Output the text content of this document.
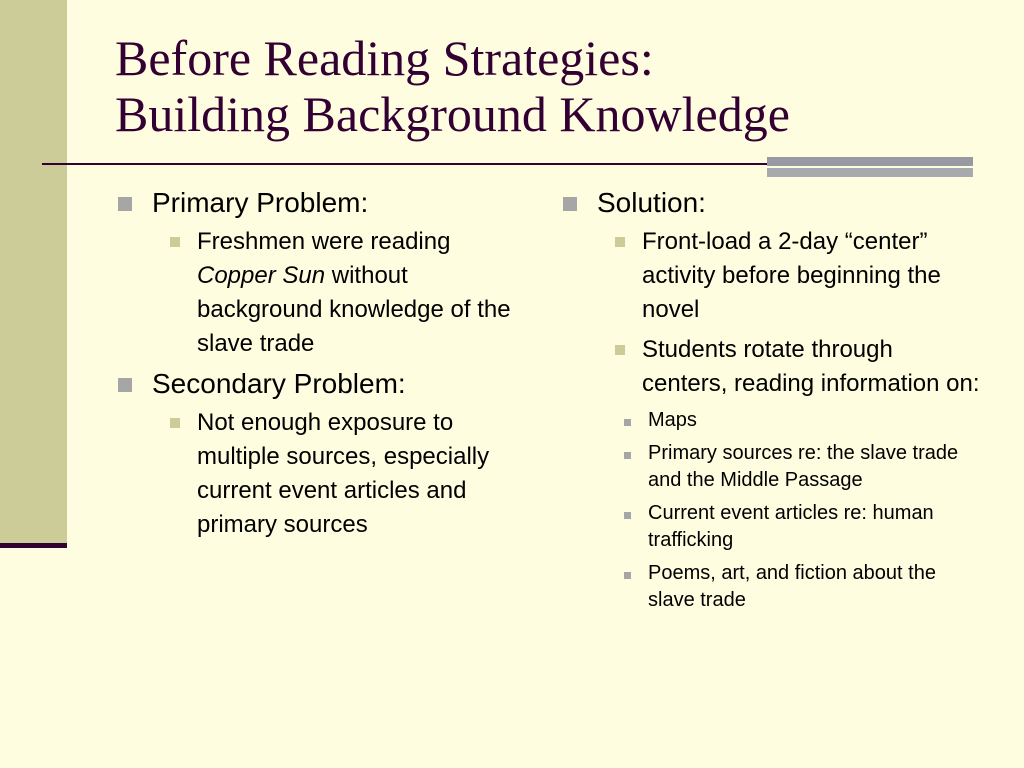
Before Reading Strategies:
Building Background Knowledge
Primary Problem:
Freshmen were reading Copper Sun without background knowledge of the slave trade
Secondary Problem:
Not enough exposure to multiple sources, especially current event articles and primary sources
Solution:
Front-load a 2-day “center” activity before beginning the novel
Students rotate through centers, reading information on:
Maps
Primary sources re: the slave trade and the Middle Passage
Current event articles re: human trafficking
Poems, art, and fiction about the slave trade
